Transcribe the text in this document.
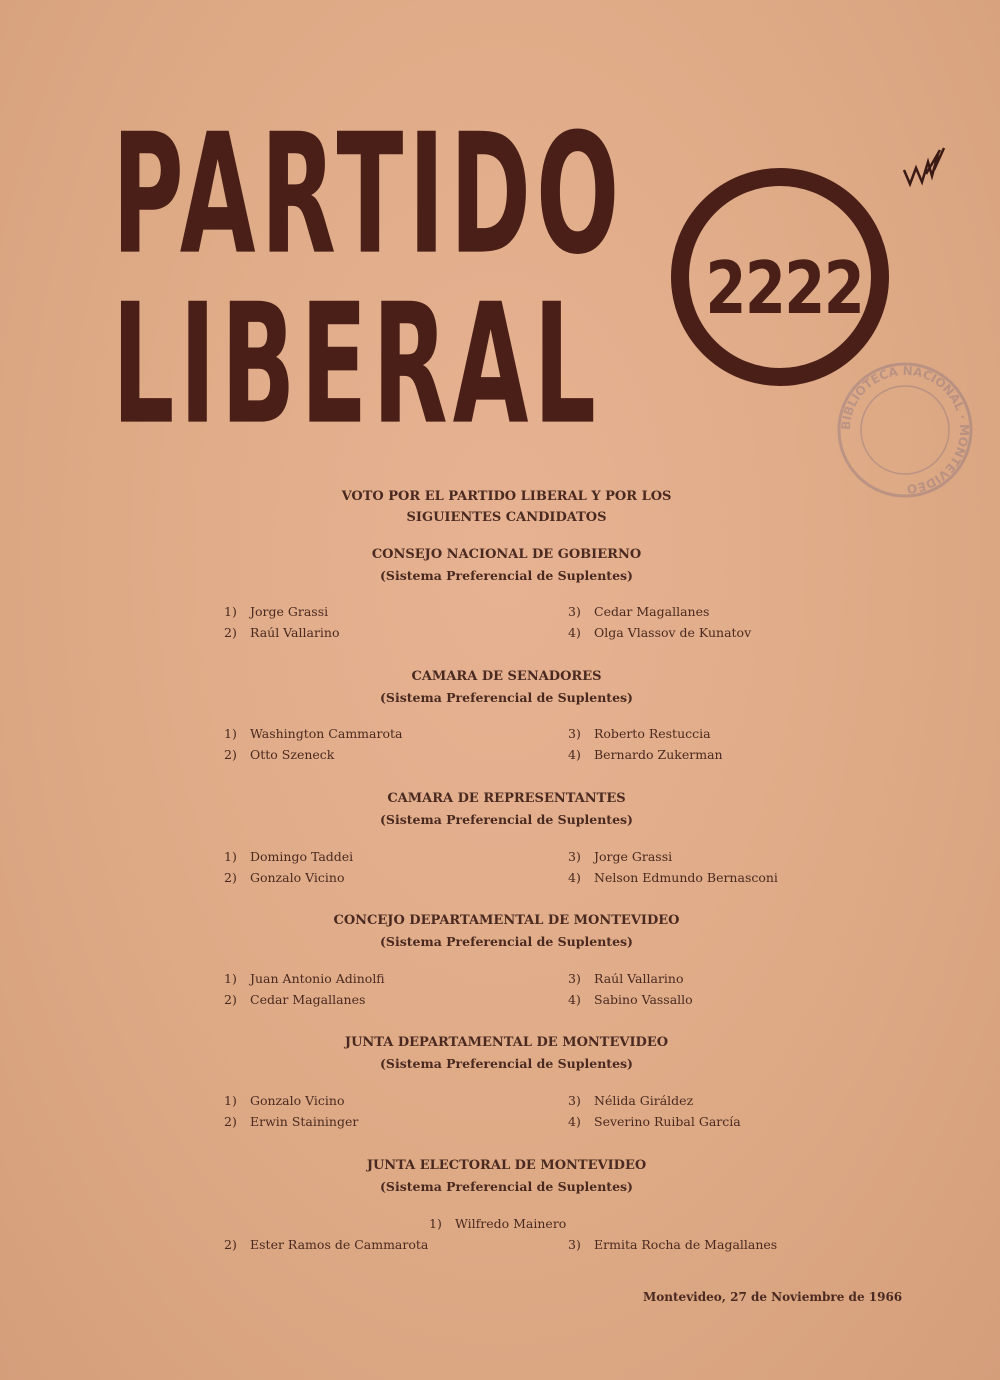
PARTIDO
LIBERAL 2222
BIBLIOTECA NACIONAL · MONTEVIDEO
VOTO POR EL PARTIDO LIBERAL Y POR LOS
SIGUIENTES CANDIDATOS
CONSEJO NACIONAL DE GOBIERNO
(Sistema Preferencial de Suplentes)
1) Jorge Grassi
2) Raúl Vallarino
3) Cedar Magallanes
4) Olga Vlassov de Kunatov
CAMARA DE SENADORES
(Sistema Preferencial de Suplentes)
1) Washington Cammarota
2) Otto Szeneck
3) Roberto Restuccia
4) Bernardo Zukerman
CAMARA DE REPRESENTANTES
(Sistema Preferencial de Suplentes)
1) Domingo Taddei
2) Gonzalo Vicino
3) Jorge Grassi
4) Nelson Edmundo Bernasconi
CONCEJO DEPARTAMENTAL DE MONTEVIDEO
(Sistema Preferencial de Suplentes)
1) Juan Antonio Adinolfi
2) Cedar Magallanes
3) Raúl Vallarino
4) Sabino Vassallo
JUNTA DEPARTAMENTAL DE MONTEVIDEO
(Sistema Preferencial de Suplentes)
1) Gonzalo Vicino
2) Erwin Staininger
3) Nélida Giráldez
4) Severino Ruibal García
JUNTA ELECTORAL DE MONTEVIDEO
(Sistema Preferencial de Suplentes)
1) Wilfredo Mainero
2) Ester Ramos de Cammarota	3) Ermita Rocha de Magallanes
Montevideo, 27 de Noviembre de 1966
